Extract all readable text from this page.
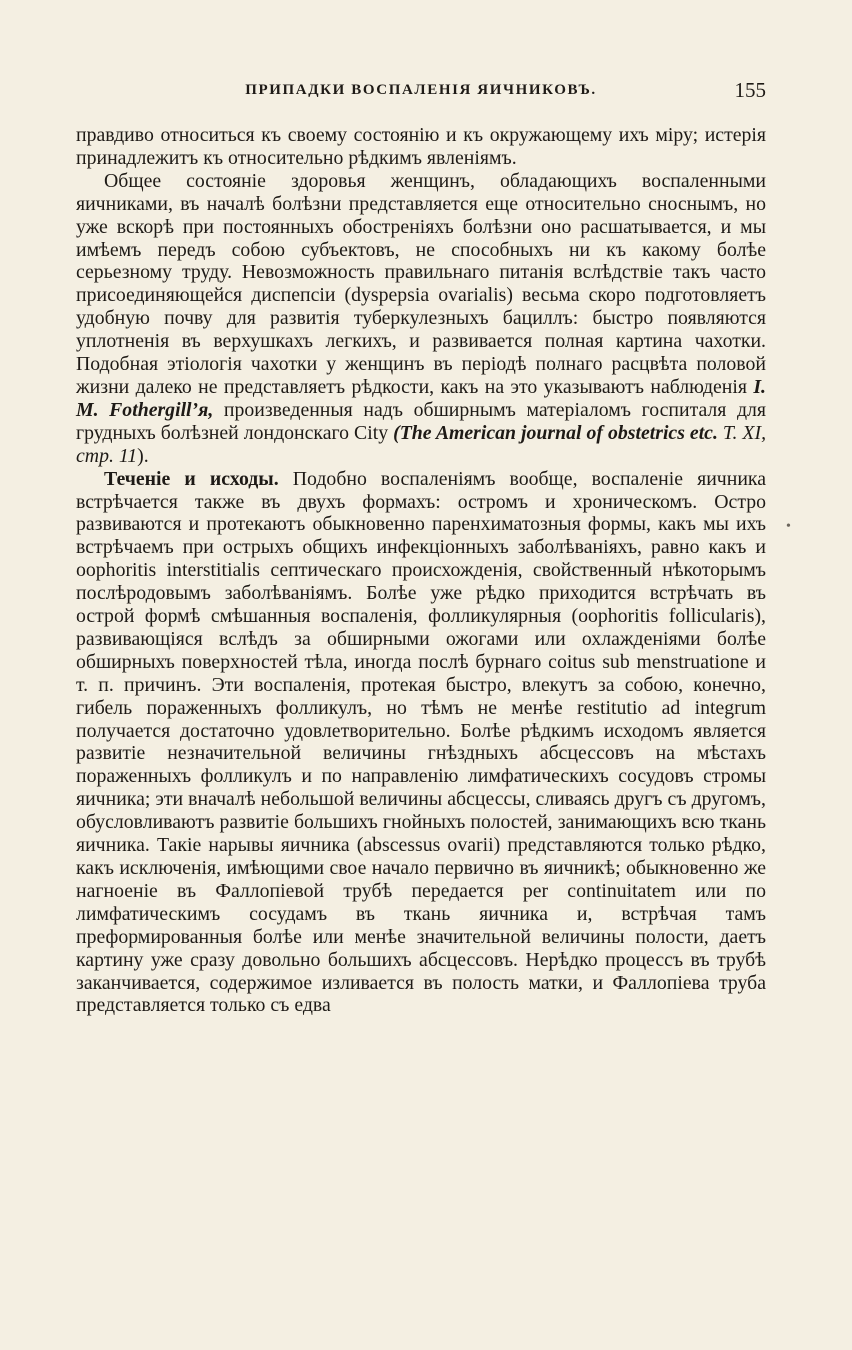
ПРИПАДКИ ВОСПАЛЕНІЯ ЯИЧНИКОВЪ.	155
•

правдиво относиться къ своему состоянію и къ окружающему ихъ міру; истерія принадлежитъ къ относительно рѣдкимъ явленіямъ.

Общее состояніе здоровья женщинъ, обладающихъ воспаленными яичниками, въ началѣ болѣзни представляется еще относительно сноснымъ, но уже вскорѣ при постоянныхъ обостреніяхъ болѣзни оно расшатывается, и мы имѣемъ передъ собою субъектовъ, не способныхъ ни къ какому болѣе серьезному труду. Невозможность правильнаго питанія вслѣдствіе такъ часто присоединяющейся диспепсіи (dyspepsia ovarialis) весьма скоро подготовляетъ удобную почву для развитія туберкулезныхъ бациллъ: быстро появляются уплотненія въ верхушкахъ легкихъ, и развивается полная картина чахотки. Подобная этіологія чахотки у женщинъ въ періодѣ полнаго расцвѣта половой жизни далеко не представляетъ рѣдкости, какъ на это указываютъ наблюденія I. M. Fothergill’я, произведенныя надъ обширнымъ матеріаломъ госпиталя для грудныхъ болѣзней лондонскаго City (The American journal of obstetrics etc. T. XI, стр. 11).

Теченіе и исходы. Подобно воспаленіямъ вообще, воспаленіе яичника встрѣчается также въ двухъ формахъ: остромъ и хроническомъ. Остро развиваются и протекаютъ обыкновенно паренхиматозныя формы, какъ мы ихъ встрѣчаемъ при острыхъ общихъ инфекціонныхъ заболѣваніяхъ, равно какъ и oophoritis interstitialis септическаго происхожденія, свойственный нѣкоторымъ послѣродовымъ заболѣваніямъ. Болѣе уже рѣдко приходится встрѣчать въ острой формѣ смѣшанныя воспаленія, фолликулярныя (oophoritis follicularis), развивающіяся вслѣдъ за обширными ожогами или охлажденіями болѣе обширныхъ поверхностей тѣла, иногда послѣ бурнаго coitus sub menstruatione и т. п. причинъ. Эти воспаленія, протекая быстро, влекутъ за собою, конечно, гибель пораженныхъ фолликулъ, но тѣмъ не менѣе restitutio ad integrum получается достаточно удовлетворительно. Болѣе рѣдкимъ исходомъ является развитіе незначительной величины гнѣздныхъ абсцессовъ на мѣстахъ пораженныхъ фолликулъ и по направленію лимфатическихъ сосудовъ стромы яичника; эти вначалѣ небольшой величины абсцессы, сливаясь другъ съ другомъ, обусловливаютъ развитіе большихъ гнойныхъ полостей, занимающихъ всю ткань яичника. Такіе нарывы яичника (abscessus ovarii) представляются только рѣдко, какъ исключенія, имѣющими свое начало первично въ яичникѣ; обыкновенно же нагноеніе въ Фаллопіевой трубѣ передается per continuitatem или по лимфатическимъ сосудамъ въ ткань яичника и, встрѣчая тамъ преформированныя болѣе или менѣе значительной величины полости, даетъ картину уже сразу довольно большихъ абсцессовъ. Нерѣдко процессъ въ трубѣ заканчивается, содержимое изливается въ полость матки, и Фаллопіева труба представляется только съ едва
